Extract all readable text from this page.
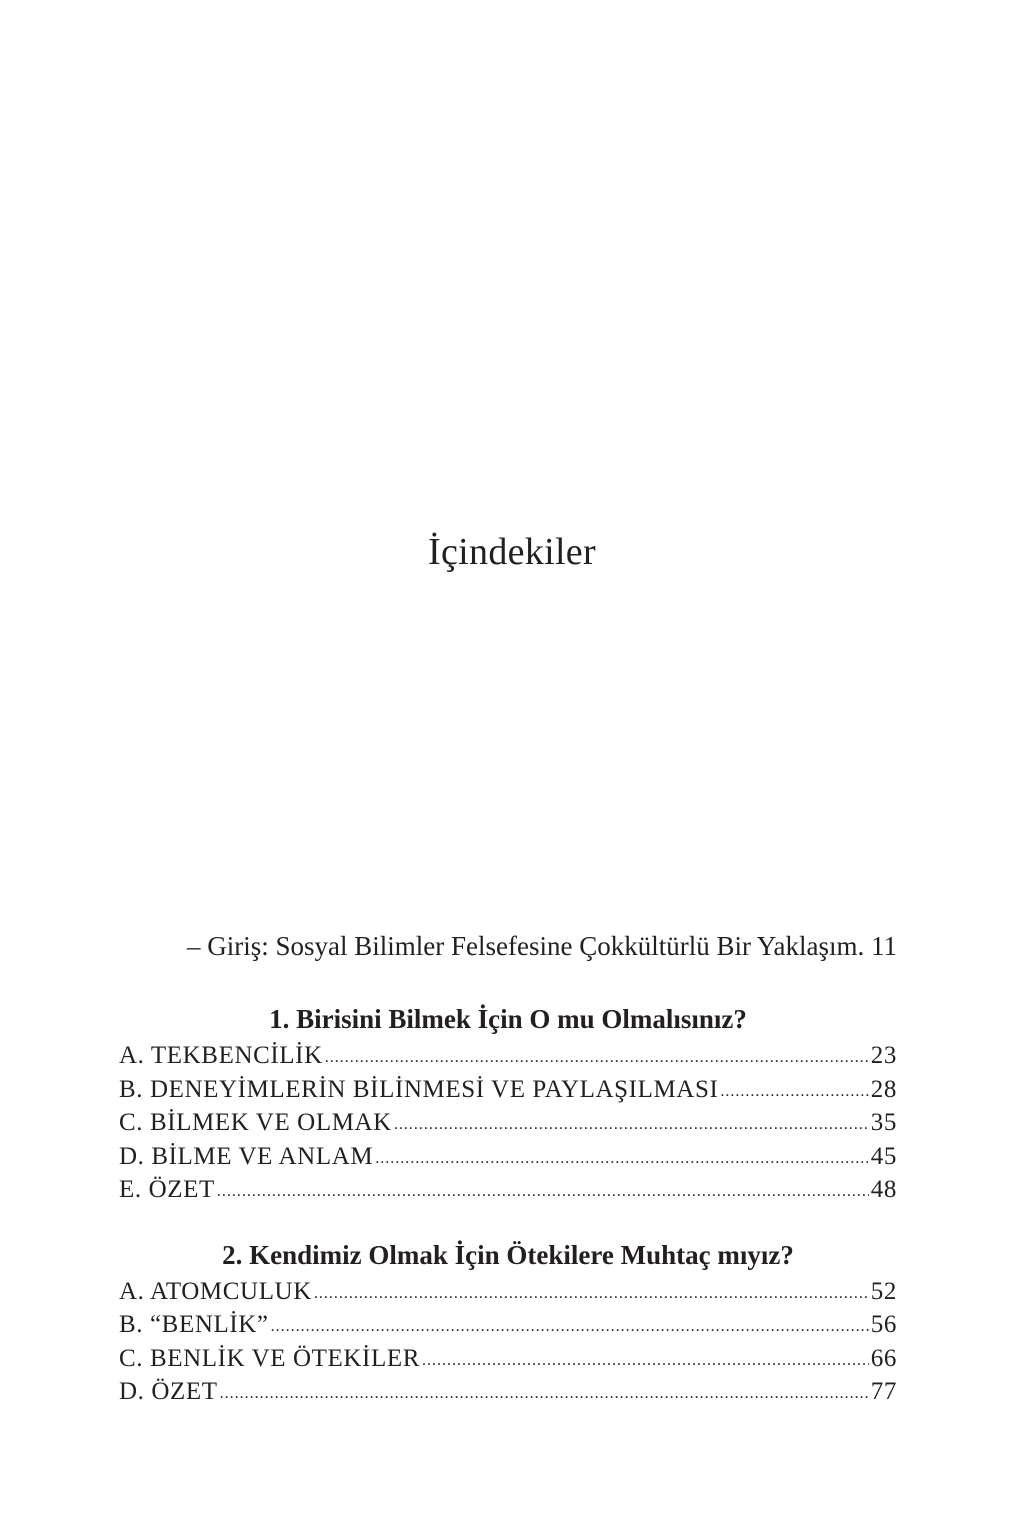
İçindekiler

– Giriş: Sosyal Bilimler Felsefesine Çokkültürlü Bir Yaklaşım. 11

1. Birisini Bilmek İçin O mu Olmalısınız?
A. TEKBENCİLİK .....	23
B. DENEYİMLERİN BİLİNMESİ VE PAYLAŞILMASI .....	28
C. BİLMEK VE OLMAK .....	35
D. BİLME VE ANLAM .....	45
E. ÖZET .....	48
2. Kendimiz Olmak İçin Ötekilere Muhtaç mıyız?
A. ATOMCULUK .....	52
B. “BENLİK” .....	56
C. BENLİK VE ÖTEKİLER .....	66
D. ÖZET .....	77
